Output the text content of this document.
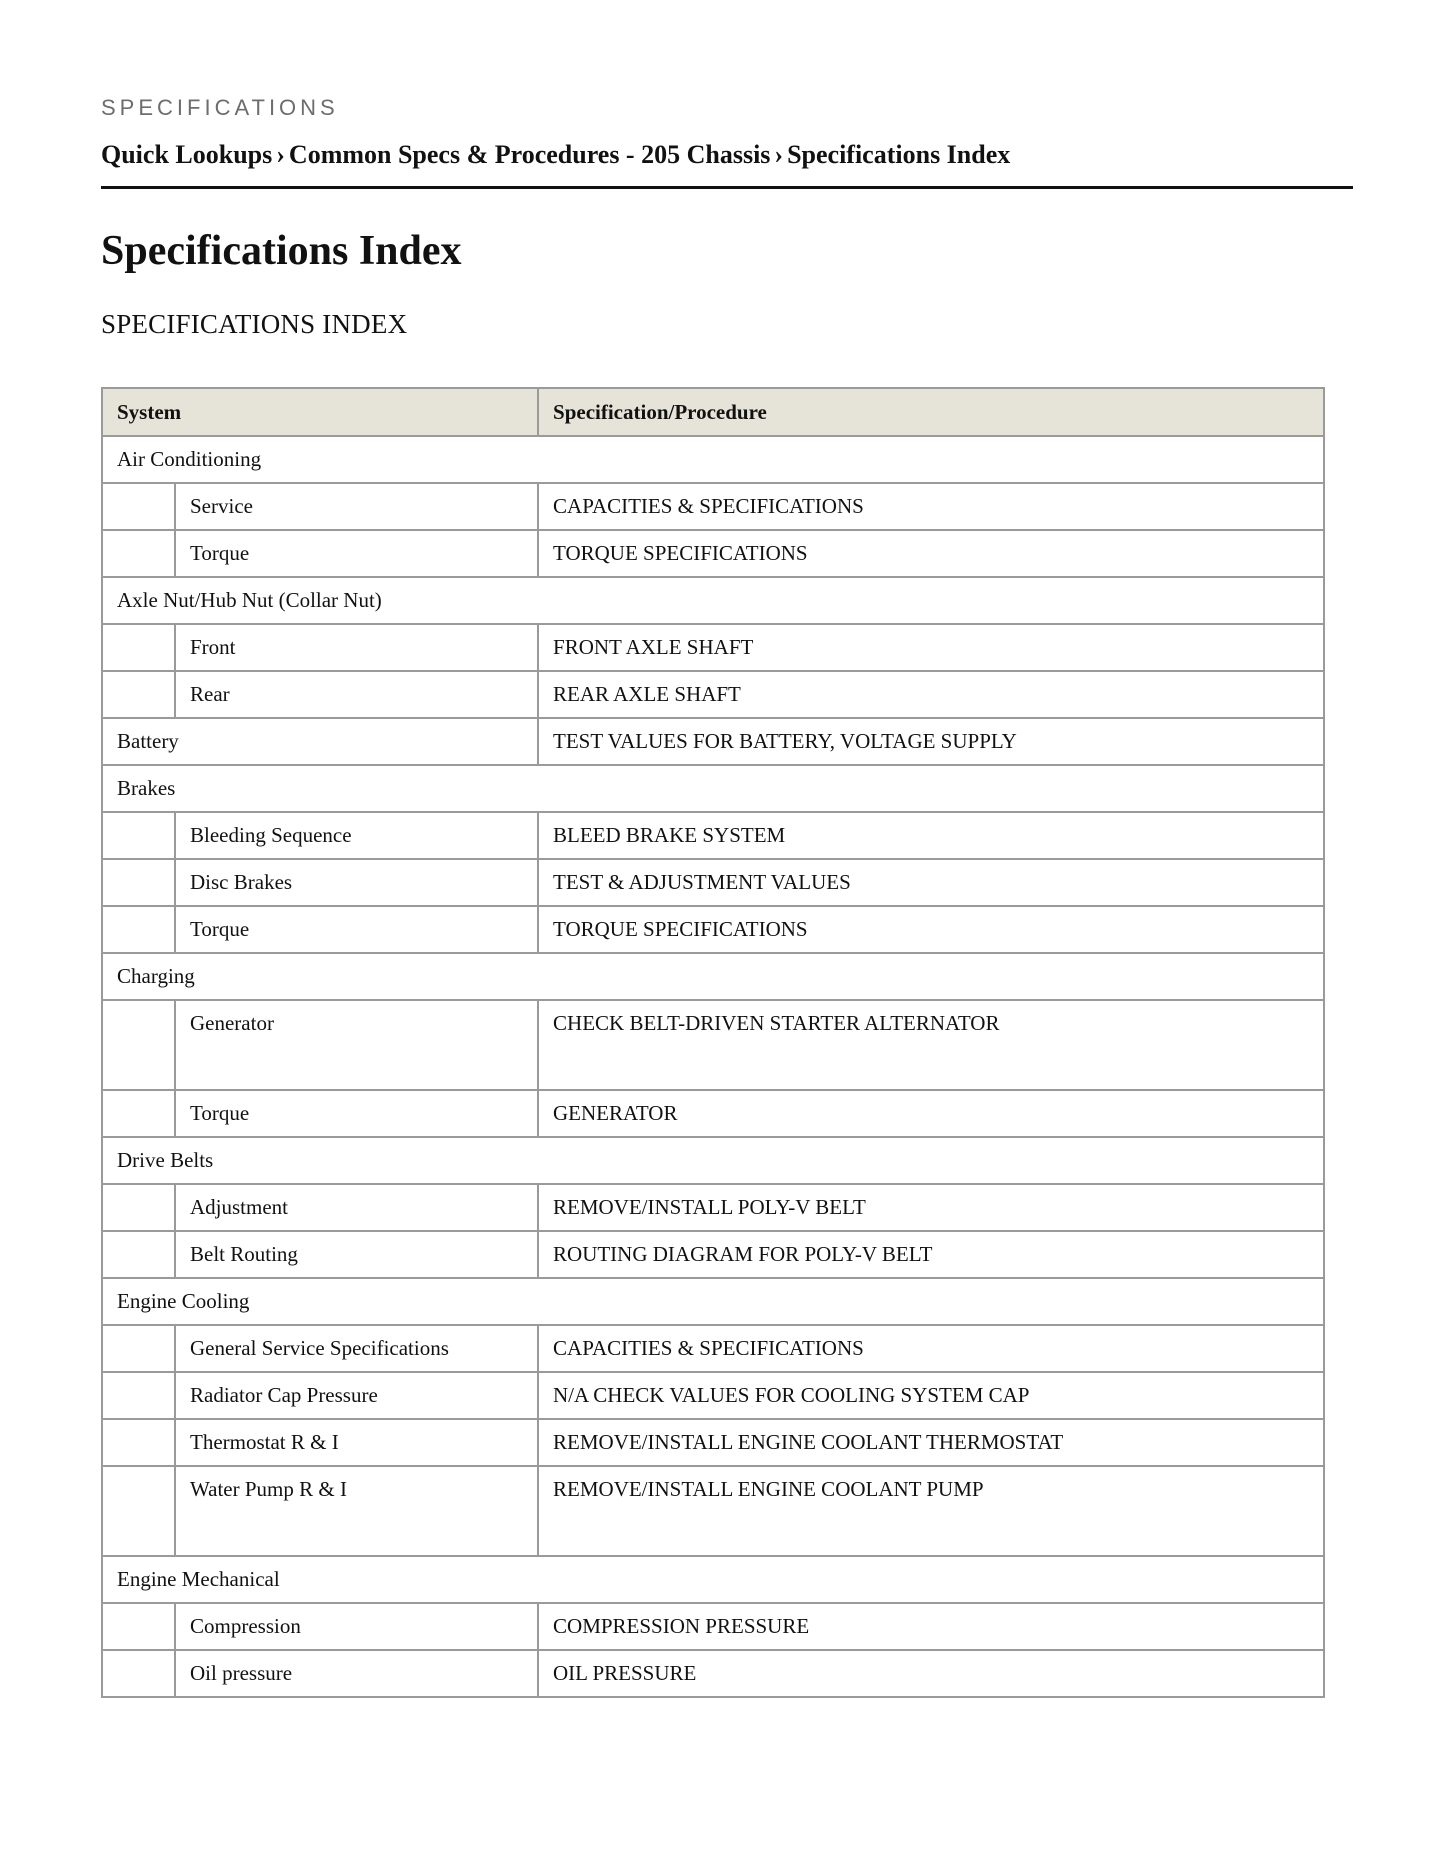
SPECIFICATIONS
Quick Lookups › Common Specs & Procedures - 205 Chassis › Specifications Index
Specifications Index
SPECIFICATIONS INDEX
System		Specification/Procedure
Air Conditioning		
	Service	CAPACITIES & SPECIFICATIONS
	Torque	TORQUE SPECIFICATIONS
Axle Nut/Hub Nut (Collar Nut)		
	Front	FRONT AXLE SHAFT
	Rear	REAR AXLE SHAFT
Battery		TEST VALUES FOR BATTERY, VOLTAGE SUPPLY
Brakes		
	Bleeding Sequence	BLEED BRAKE SYSTEM
	Disc Brakes	TEST & ADJUSTMENT VALUES
	Torque	TORQUE SPECIFICATIONS
Charging		
	Generator	CHECK BELT-DRIVEN STARTER ALTERNATOR
	Torque	GENERATOR
Drive Belts		
	Adjustment	REMOVE/INSTALL POLY-V BELT
	Belt Routing	ROUTING DIAGRAM FOR POLY-V BELT
Engine Cooling		
	General Service Specifications	CAPACITIES & SPECIFICATIONS
	Radiator Cap Pressure	N/A CHECK VALUES FOR COOLING SYSTEM CAP
	Thermostat R & I	REMOVE/INSTALL ENGINE COOLANT THERMOSTAT
	Water Pump R & I	REMOVE/INSTALL ENGINE COOLANT PUMP
Engine Mechanical		
	Compression	COMPRESSION PRESSURE
	Oil pressure	OIL PRESSURE
